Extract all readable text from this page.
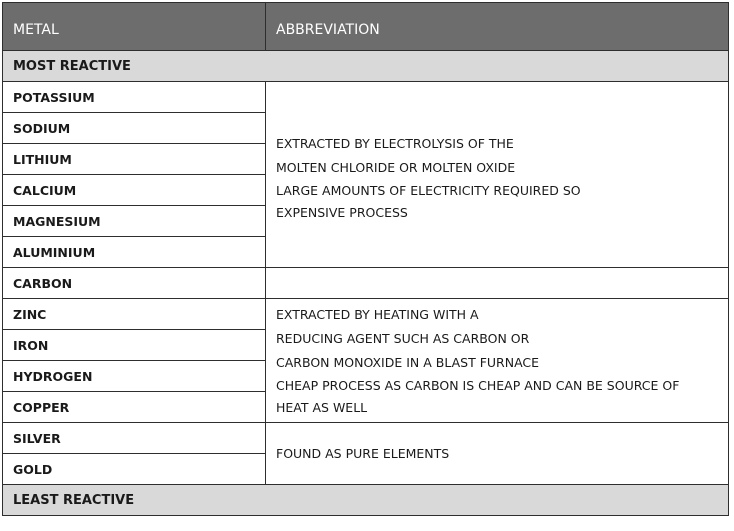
METAL	ABBREVIATION
MOST REACTIVE	
POTASSIUM	EXTRACTED BY ELECTROLYSIS OF THE
MOLTEN CHLORIDE OR MOLTEN OXIDE
LARGE AMOUNTS OF ELECTRICITY REQUIRED SO EXPENSIVE PROCESS

SODIUM	
LITHIUM	
CALCIUM	
MAGNESIUM	
ALUMINIUM	
CARBON	
ZINC	EXTRACTED BY HEATING WITH A
REDUCING AGENT SUCH AS CARBON OR
CARBON MONOXIDE IN A BLAST FURNACE
CHEAP PROCESS AS CARBON IS CHEAP AND CAN BE SOURCE OF HEAT AS WELL

IRON	
HYDROGEN	
COPPER	
SILVER	FOUND AS PURE ELEMENTS

GOLD	
LEAST REACTIVE	
